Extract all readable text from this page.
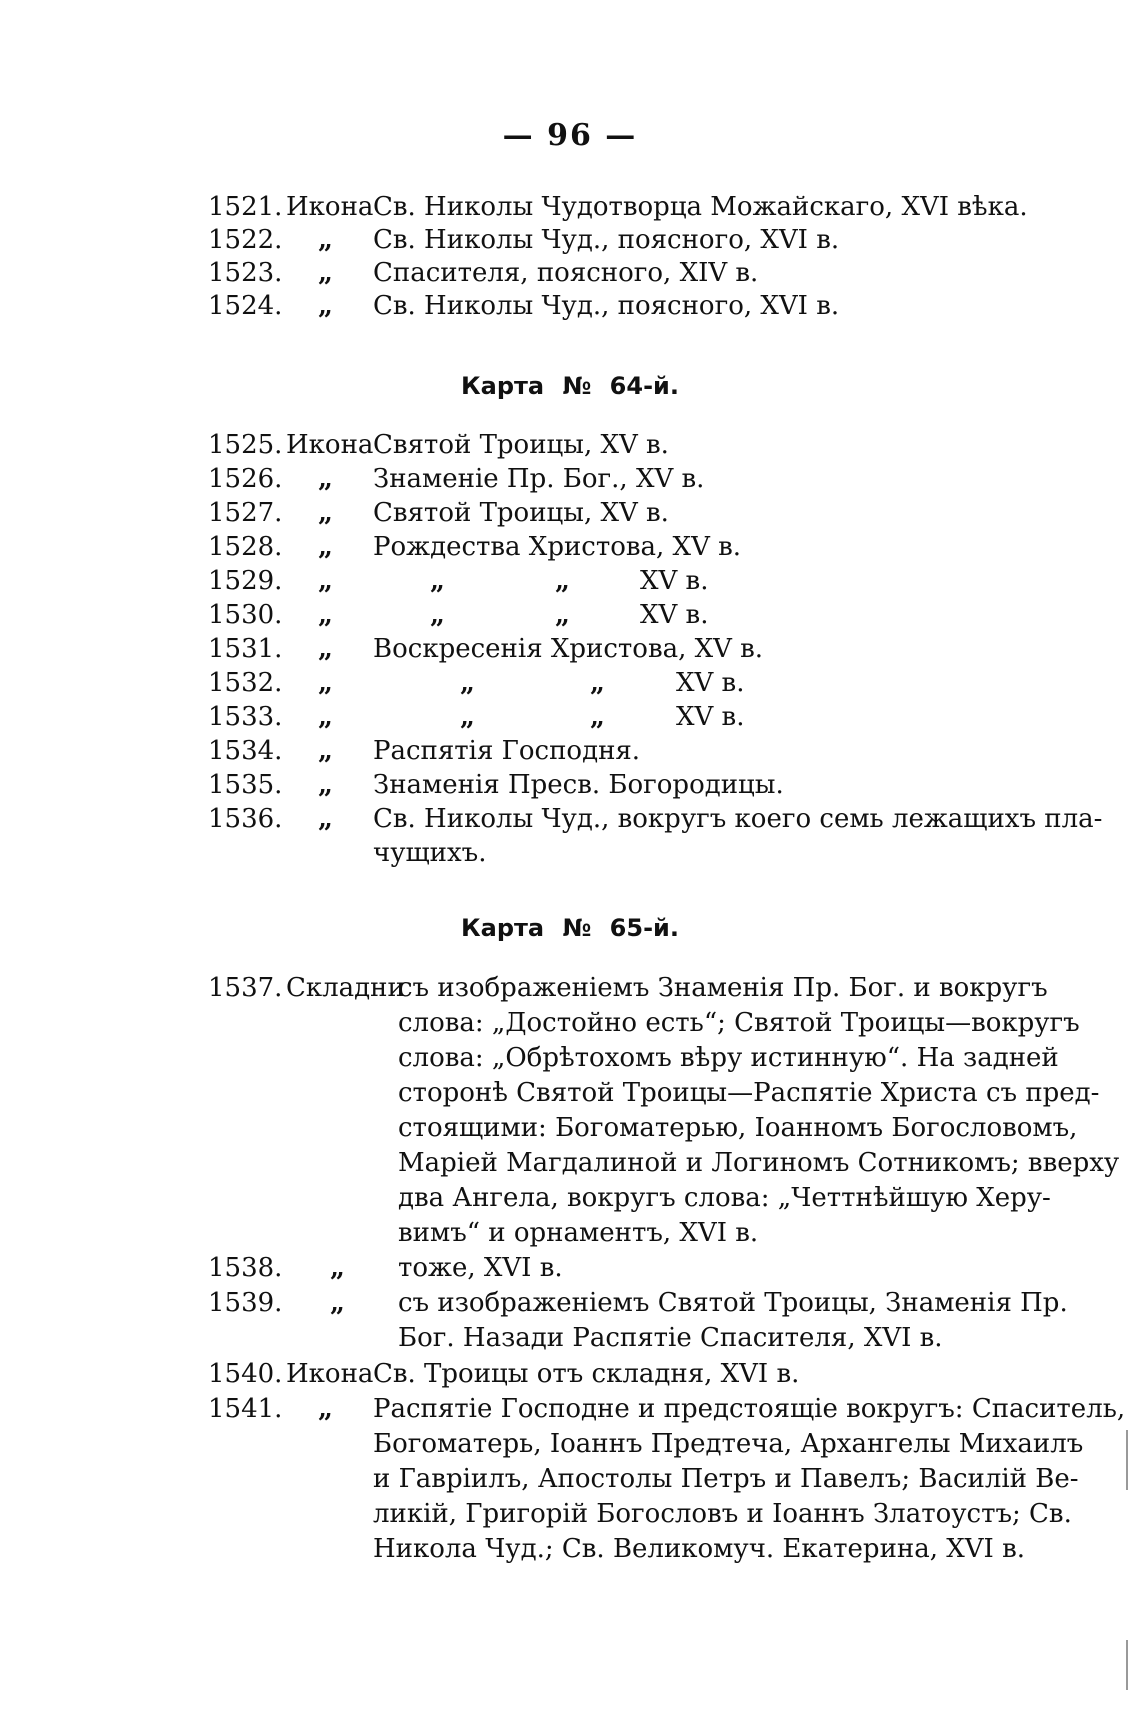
— 96 —
1521. Икона Св. Николы Чудотворца Можайскаго, XVI вѣка.
1522. „ Св. Николы Чуд., поясного, XVI в.
1523. „ Спасителя, поясного, XIV в.
1524. „ Св. Николы Чуд., поясного, XVI в.
Карта № 64-й.
1525. Икона Святой Троицы, XV в.
1526. „ Знаменіе Пр. Бог., XV в.
1527. „ Святой Троицы, XV в.
1528. „ Рождества Христова, XV в.
1529. „	„	„	XV в.
1530. „	„	„	XV в.
1531. „ Воскресенія Христова, XV в.
1532. „	„	„	XV в.
1533. „	„	„	XV в.
1534. „ Распятія Господня.
1535. „ Знаменія Пресв. Богородицы.
1536. „ Св. Николы Чуд., вокругъ коего семь лежащихъ пла-
чущихъ.
Карта № 65-й.
1537. Складни
съ изображеніемъ Знаменія Пр. Бог. и вокругъ
слова: „Достойно есть“; Святой Троицы—вокругъ
слова: „Обрѣтохомъ вѣру истинную“. На задней
сторонѣ Святой Троицы—Распятіе Христа съ пред-
стоящими: Богоматерью, Іоанномъ Богословомъ,
Маріей Магдалиной и Логиномъ Сотникомъ; вверху
два Ангела, вокругъ слова: „Четтнѣйшую Херу-
вимъ“ и орнаментъ, XVI в.
1538. „ тоже, XVI в.
1539. „ съ изображеніемъ Святой Троицы, Знаменія Пр.
Бог. Назади Распятіе Спасителя, XVI в.
1540. Икона Св. Троицы отъ складня, XVI в.
1541. „ Распятіе Господне и предстоящіе вокругъ: Спаситель,
Богоматерь, Іоаннъ Предтеча, Архангелы Михаилъ
и Гавріилъ, Апостолы Петръ и Павелъ; Василій Ве-
ликій, Григорій Богословъ и Іоаннъ Златоустъ; Св.
Никола Чуд.; Св. Великомуч. Екатерина, XVI в.
